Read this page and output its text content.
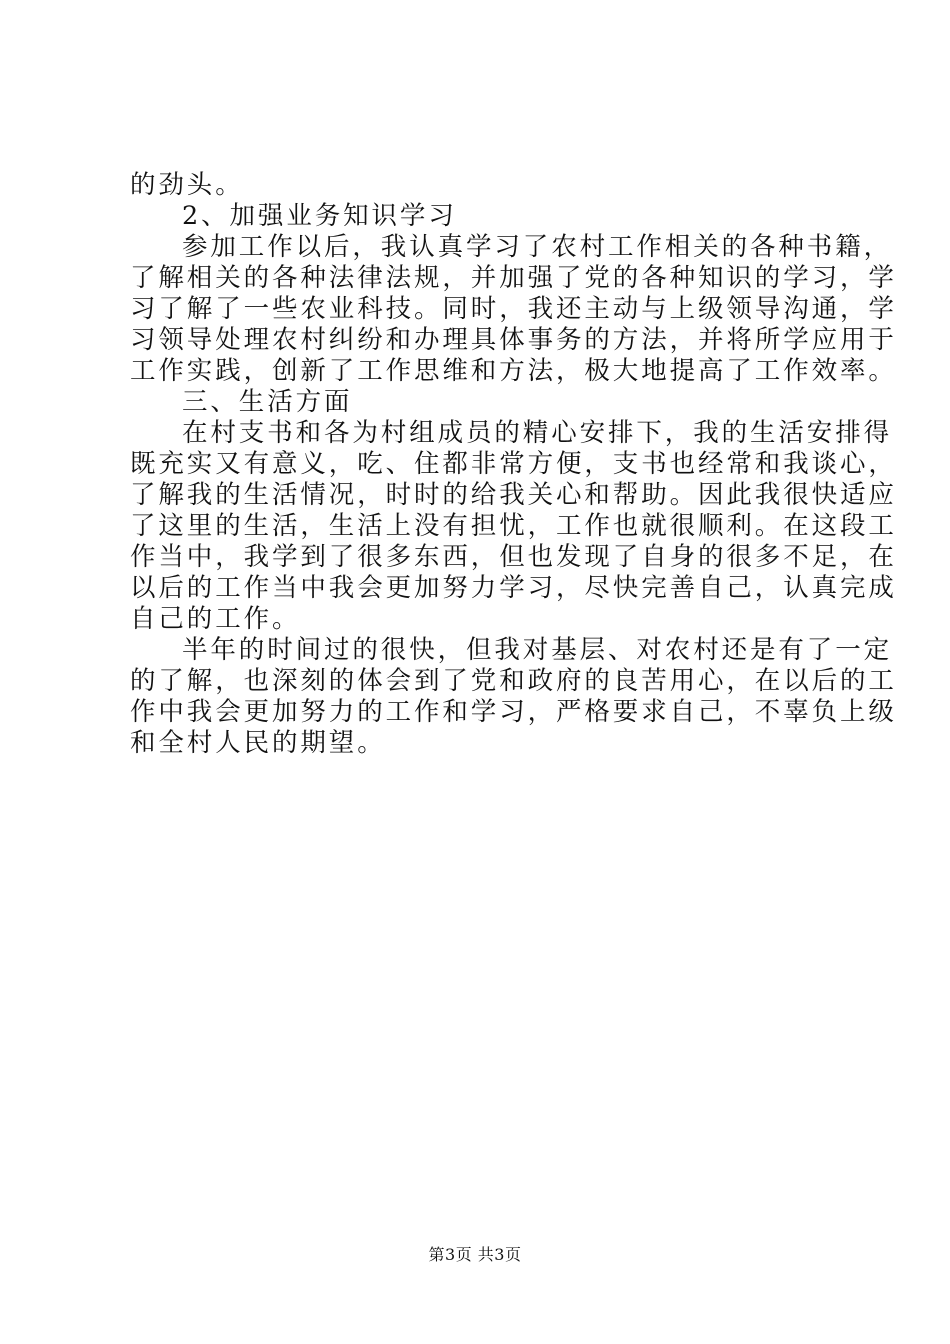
的劲头。
2、加强业务知识学习
参加工作以后，我认真学习了农村工作相关的各种书籍，
了解相关的各种法律法规，并加强了党的各种知识的学习，学
习了解了一些农业科技。同时，我还主动与上级领导沟通，学
习领导处理农村纠纷和办理具体事务的方法，并将所学应用于
工作实践，创新了工作思维和方法，极大地提高了工作效率。
三、生活方面
在村支书和各为村组成员的精心安排下，我的生活安排得
既充实又有意义，吃、住都非常方便，支书也经常和我谈心，
了解我的生活情况，时时的给我关心和帮助。因此我很快适应
了这里的生活，生活上没有担忧，工作也就很顺利。在这段工
作当中，我学到了很多东西，但也发现了自身的很多不足，在
以后的工作当中我会更加努力学习，尽快完善自己，认真完成
自己的工作。
半年的时间过的很快，但我对基层、对农村还是有了一定
的了解，也深刻的体会到了党和政府的良苦用心，在以后的工
作中我会更加努力的工作和学习，严格要求自己，不辜负上级
和全村人民的期望。
第3页 共3页
